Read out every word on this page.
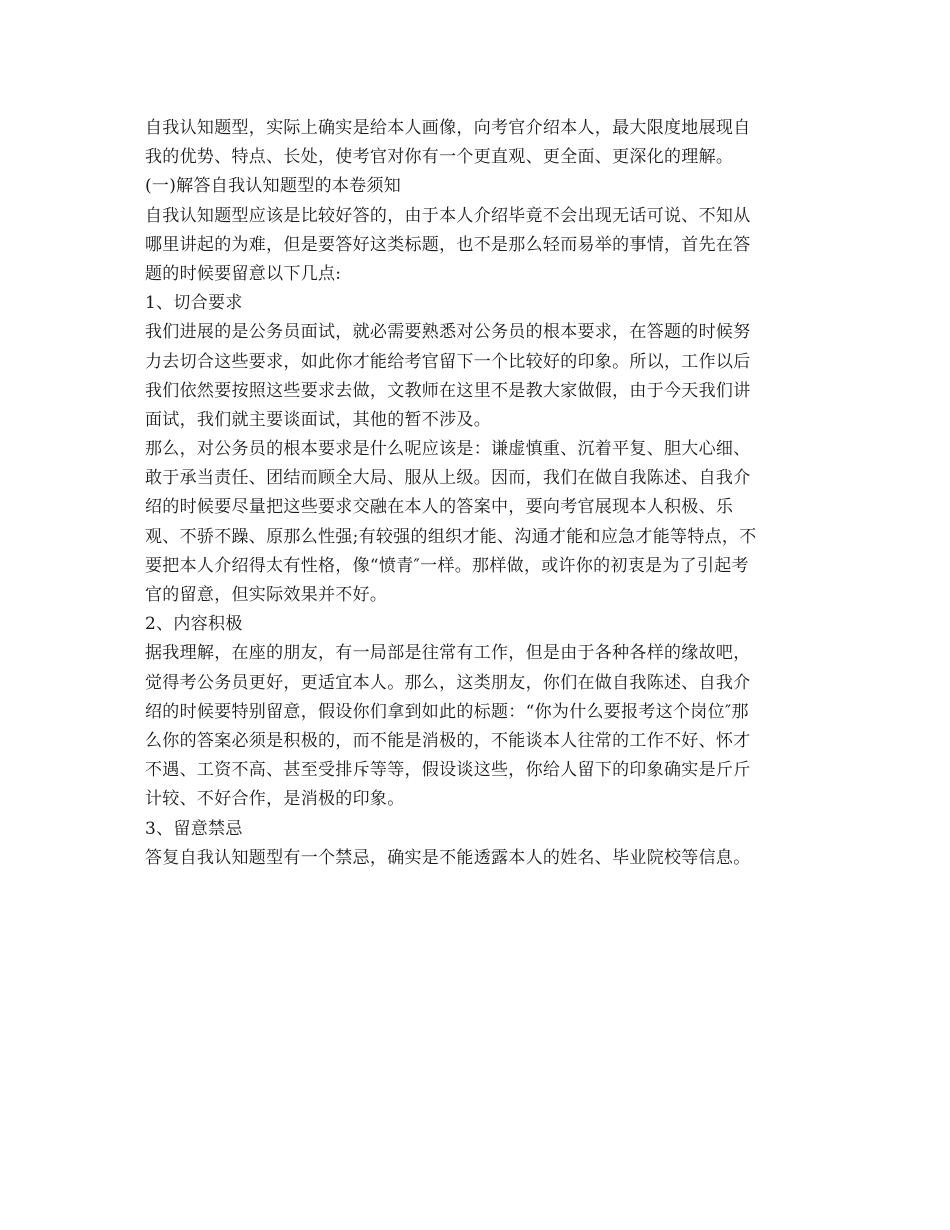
自我认知题型，实际上确实是给本人画像，向考官介绍本人，最大限度地展现自
我的优势、特点、长处，使考官对你有一个更直观、更全面、更深化的理解。
(一)解答自我认知题型的本卷须知
自我认知题型应该是比较好答的，由于本人介绍毕竟不会出现无话可说、不知从
哪里讲起的为难，但是要答好这类标题，也不是那么轻而易举的事情，首先在答
题的时候要留意以下几点:
1、切合要求
我们进展的是公务员面试，就必需要熟悉对公务员的根本要求，在答题的时候努
力去切合这些要求，如此你才能给考官留下一个比较好的印象。所以，工作以后
我们依然要按照这些要求去做，文教师在这里不是教大家做假，由于今天我们讲
面试，我们就主要谈面试，其他的暂不涉及。
那么，对公务员的根本要求是什么呢应该是：谦虚慎重、沉着平复、胆大心细、
敢于承当责任、团结而顾全大局、服从上级。因而，我们在做自我陈述、自我介
绍的时候要尽量把这些要求交融在本人的答案中，要向考官展现本人积极、乐
观、不骄不躁、原那么性强;有较强的组织才能、沟通才能和应急才能等特点，不
要把本人介绍得太有性格，像“愤青″一样。那样做，或许你的初衷是为了引起考
官的留意，但实际效果并不好。
2、内容积极
据我理解，在座的朋友，有一局部是往常有工作，但是由于各种各样的缘故吧，
觉得考公务员更好，更适宜本人。那么，这类朋友，你们在做自我陈述、自我介
绍的时候要特别留意，假设你们拿到如此的标题：“你为什么要报考这个岗位″那
么你的答案必须是积极的，而不能是消极的，不能谈本人往常的工作不好、怀才
不遇、工资不高、甚至受排斥等等，假设谈这些，你给人留下的印象确实是斤斤
计较、不好合作，是消极的印象。
3、留意禁忌
答复自我认知题型有一个禁忌，确实是不能透露本人的姓名、毕业院校等信息。
